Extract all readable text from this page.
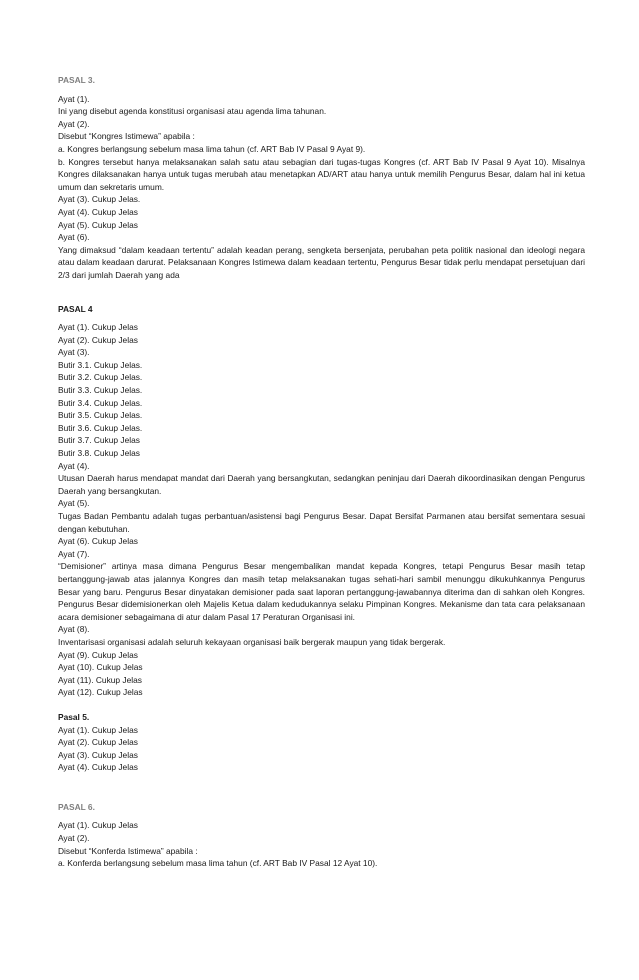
PASAL 3.
Ayat (1).
Ini yang disebut agenda konstitusi organisasi atau agenda lima tahunan.
Ayat (2).
Disebut “Kongres Istimewa” apabila :
a. Kongres berlangsung sebelum masa lima tahun (cf. ART Bab IV Pasal 9 Ayat 9).
b. Kongres tersebut hanya melaksanakan salah satu atau sebagian dari tugas-tugas Kongres (cf. ART Bab IV Pasal 9 Ayat 10). Misalnya Kongres dilaksanakan hanya untuk tugas merubah atau menetapkan AD/ART atau hanya untuk memilih Pengurus Besar, dalam hal ini ketua umum dan sekretaris umum.
Ayat (3). Cukup Jelas.
Ayat (4). Cukup Jelas
Ayat (5). Cukup Jelas
Ayat (6).
Yang dimaksud “dalam keadaan tertentu” adalah keadan perang, sengketa bersenjata, perubahan peta politik nasional dan ideologi negara atau dalam keadaan darurat. Pelaksanaan Kongres Istimewa dalam keadaan tertentu, Pengurus Besar tidak perlu mendapat persetujuan dari 2/3 dari jumlah Daerah yang ada
PASAL 4
Ayat (1). Cukup Jelas
Ayat (2). Cukup Jelas
Ayat (3).
Butir 3.1. Cukup Jelas.
Butir 3.2. Cukup Jelas.
Butir 3.3. Cukup Jelas.
Butir 3.4. Cukup Jelas.
Butir 3.5. Cukup Jelas.
Butir 3.6. Cukup Jelas.
Butir 3.7. Cukup Jelas
Butir 3.8. Cukup Jelas
Ayat (4).
Utusan Daerah harus mendapat mandat dari Daerah yang bersangkutan, sedangkan peninjau dari Daerah dikoordinasikan dengan Pengurus Daerah yang bersangkutan.
Ayat (5).
Tugas Badan Pembantu adalah tugas perbantuan/asistensi bagi Pengurus Besar. Dapat Bersifat Parmanen atau bersifat sementara sesuai dengan kebutuhan.
Ayat (6). Cukup Jelas
Ayat (7).
“Demisioner” artinya masa dimana Pengurus Besar mengembalikan mandat kepada Kongres, tetapi Pengurus Besar masih tetap bertanggung-jawab atas jalannya Kongres dan masih tetap melaksanakan tugas sehati-hari sambil menunggu dikukuhkannya Pengurus Besar yang baru. Pengurus Besar dinyatakan demisioner pada saat laporan pertanggung-jawabannya diterima dan di sahkan oleh Kongres. Pengurus Besar didemisionerkan oleh Majelis Ketua dalam kedudukannya selaku Pimpinan Kongres. Mekanisme dan tata cara pelaksanaan acara demisioner sebagaimana di atur dalam Pasal 17 Peraturan Organisasi ini.
Ayat (8).
Inventarisasi organisasi adalah seluruh kekayaan organisasi baik bergerak maupun yang tidak bergerak.
Ayat (9). Cukup Jelas
Ayat (10). Cukup Jelas
Ayat (11). Cukup Jelas
Ayat (12). Cukup Jelas
Pasal 5.
Ayat (1). Cukup Jelas
Ayat (2). Cukup Jelas
Ayat (3). Cukup Jelas
Ayat (4). Cukup Jelas
PASAL 6.
Ayat (1). Cukup Jelas
Ayat (2).
Disebut “Konferda Istimewa” apabila :
a. Konferda berlangsung sebelum masa lima tahun (cf. ART Bab IV Pasal 12 Ayat 10).
